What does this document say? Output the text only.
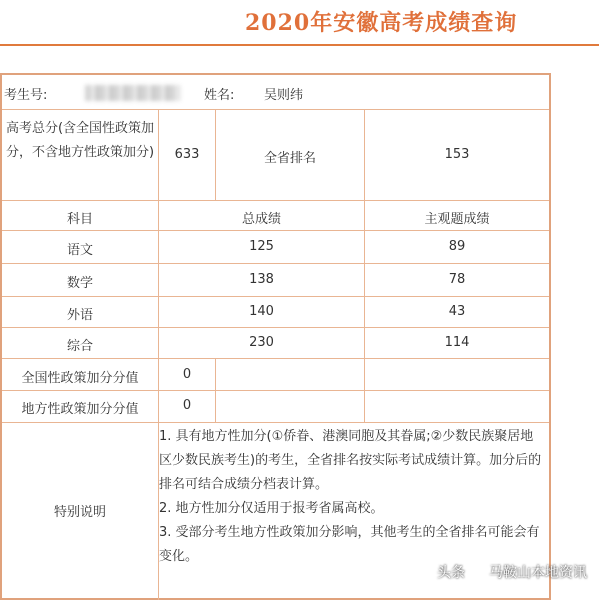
2020年安徽高考成绩查询
考生号:	姓名: 吴则纬
高考总分(含全国性政策加分，不含地方性政策加分)	633	全省排名	153
科目	总成绩	主观题成绩
语文	125	89
数学	138	78
外语	140	43
综合	230	114
全国性政策加分分值	0
地方性政策加分分值	0
特别说明

1. 具有地方性加分(①侨眷、港澳同胞及其眷属;②少数民族聚居地区少数民族考生)的考生，全省排名按实际考试成绩计算。加分后的排名可结合成绩分档表计算。

2. 地方性加分仅适用于报考省属高校。

3. 受部分考生地方性政策加分影响，其他考生的全省排名可能会有变化。

头条 马鞍山本地资讯
